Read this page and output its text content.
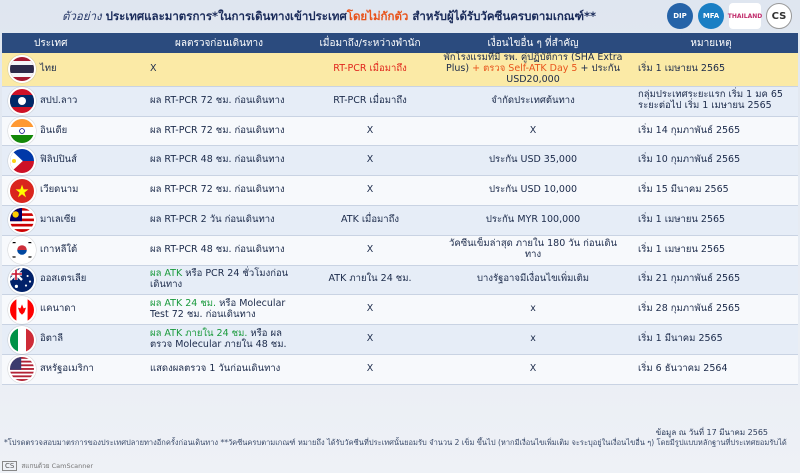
ตัวอย่าง ประเทศและมาตรการ*ในการเดินทางเข้าประเทศโดยไม่กักตัว สำหรับผู้ได้รับวัคซีนครบตามเกณฑ์**	DIP	MFA	THAILAND CS
ประเทศ		ผลตรวจก่อนเดินทาง	เมื่อมาถึง/ระหว่างพำนัก	เงื่อนไขอื่น ๆ ที่สำคัญ	หมายเหตุ

	ไทย	X	RT-PCR เมื่อมาถึง	พักโรงแรมที่มี รพ. คู่ปฏิบัติการ (SHA Extra Plus) + ตรวจ Self-ATK Day 5 + ประกัน USD20,000	เริ่ม 1 เมษายน 2565

	สปป.ลาว	ผล RT-PCR 72 ชม. ก่อนเดินทาง	RT-PCR เมื่อมาถึง	จำกัดประเทศต้นทาง	กลุ่มประเทศระยะแรก เริ่ม 1 มค 65 ระยะต่อไป เริ่ม 1 เมษายน 2565

	อินเดีย	ผล RT-PCR 72 ชม. ก่อนเดินทาง	X	X	เริ่ม 14 กุมภาพันธ์ 2565

	ฟิลิปปินส์	ผล RT-PCR 48 ชม. ก่อนเดินทาง	X	ประกัน USD 35,000	เริ่ม 10 กุมภาพันธ์ 2565

	เวียดนาม	ผล RT-PCR 72 ชม. ก่อนเดินทาง	X	ประกัน USD 10,000	เริ่ม 15 มีนาคม 2565

	มาเลเซีย	ผล RT-PCR 2 วัน ก่อนเดินทาง	ATK เมื่อมาถึง	ประกัน MYR 100,000	เริ่ม 1 เมษายน 2565

	เกาหลีใต้	ผล RT-PCR 48 ชม. ก่อนเดินทาง	X	วัคซีนเข็มล่าสุด ภายใน 180 วัน ก่อนเดินทาง	เริ่ม 1 เมษายน 2565

	ออสเตรเลีย	ผล ATK หรือ PCR 24 ชั่วโมงก่อนเดินทาง	ATK ภายใน 24 ชม.	บางรัฐอาจมีเงื่อนไขเพิ่มเติม	เริ่ม 21 กุมภาพันธ์ 2565

	แคนาดา	ผล ATK 24 ชม. หรือ Molecular Test 72 ชม. ก่อนเดินทาง	X	x	เริ่ม 28 กุมภาพันธ์ 2565

	อิตาลี	ผล ATK ภายใน 24 ชม. หรือ ผลตรวจ Molecular ภายใน 48 ชม.	X	x	เริ่ม 1 มีนาคม 2565

	สหรัฐอเมริกา	แสดงผลตรวจ 1 วันก่อนเดินทาง	X	X	เริ่ม 6 ธันวาคม 2564
ข้อมูล ณ วันที่ 17 มีนาคม 2565
*โปรดตรวจสอบมาตรการของประเทศปลายทางอีกครั้งก่อนเดินทาง **วัคซีนครบตามเกณฑ์ หมายถึง ได้รับวัคซีนที่ประเทศนั้นยอมรับ จำนวน 2 เข็ม ขึ้นไป (หากมีเงื่อนไขเพิ่มเติม จะระบุอยู่ในเงื่อนไขอื่น ๆ) โดยมีรูปแบบหลักฐานที่ประเทศยอมรับได้
CS	สแกนด้วย CamScanner
